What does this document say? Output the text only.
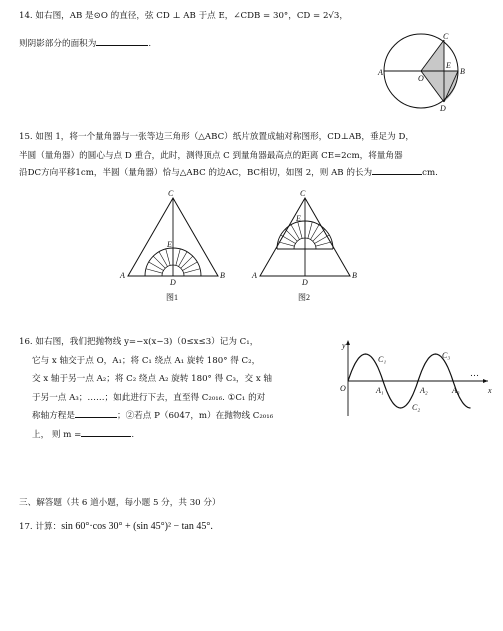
14. 如右图，AB 是⊙O 的直径，弦 CD ⊥ AB 于点 E，∠CDB = 30°，CD = 2√3，
则阴影部分的面积为	.
A	B
C
D
E
O
15. 如图 1，将一个量角器与一张等边三角形（△ABC）纸片放置成轴对称图形，CD⊥AB，垂足为 D，
半圆（量角器）的圆心与点 D 重合，此时，测得顶点 C 到量角器最高点的距离 CE=2cm，将量角器
沿DC方向平移1cm，半圆（量角器）恰与△ABC 的边AC，BC相切，如图 2，则 AB 的长为	cm.
C
E
A	B
D
图1
C
E
A	B
D
图2
16. 如右图，我们把抛物线 y=−x(x−3)（0≤x≤3）记为 C₁，
它与 x 轴交于点 O，A₁；将 C₁ 绕点 A₁ 旋转 180° 得 C₂，
交 x 轴于另一点 A₂；将 C₂ 绕点 A₂ 旋转 180° 得 C₃，交 x 轴
于另一点 A₃；……；如此进行下去，直至得 C₂₀₁₆. ①C₁ 的对
称轴方程是	；②若点 P（6047，m）在抛物线 C₂₀₁₆
上， 则 m =	.
y
x
O
C₁
C₂
C₃
A₁	A₂	A₃
…
三、解答题（共 6 道小题，每小题 5 分，共 30 分）
17. 计算：sin 60°·cos 30° + (sin 45°)² − tan 45°.
